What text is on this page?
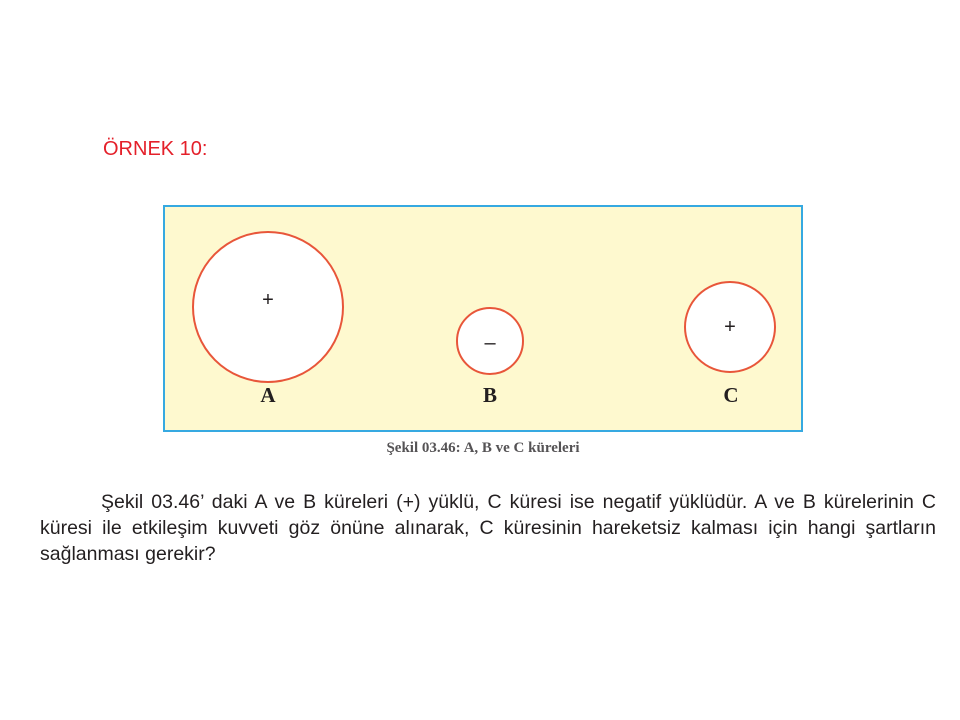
ÖRNEK 10:
+
–
+
A	B	C
Şekil 03.46: A, B ve C küreleri
Şekil 03.46’ daki A ve B küreleri (+) yüklü, C küresi ise negatif yüklüdür. A ve B kürelerinin C küresi ile etkileşim kuvveti göz önüne alınarak, C küresinin hareketsiz kalması için hangi şartların sağlanması gerekir?
